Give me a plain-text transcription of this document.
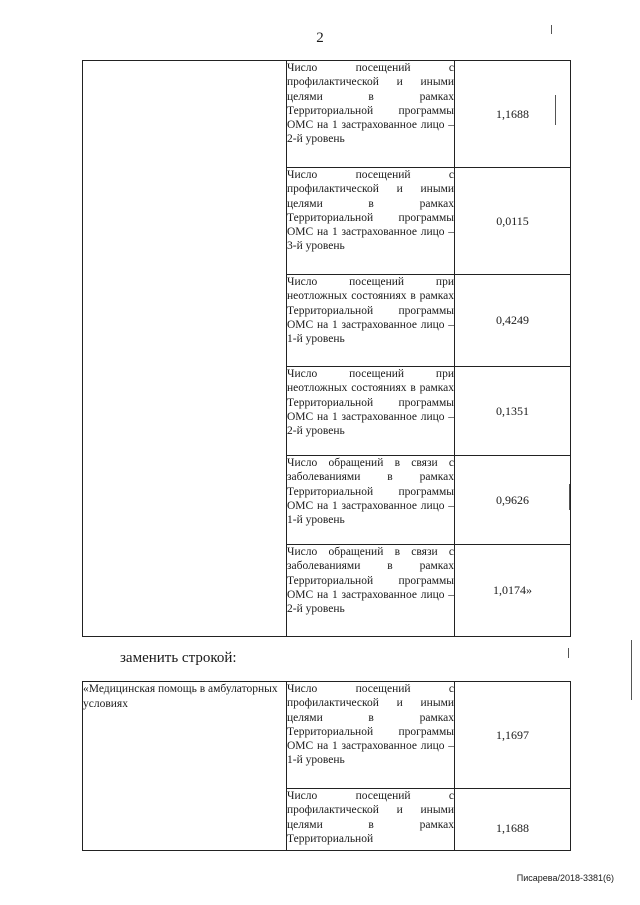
2
	Число посещений с профилактической и иными целями в рамках Территориальной программы ОМС на 1 застрахованное лицо – 2-й уровень	1,1688
	Число посещений с профилактической и иными целями в рамках Территориальной программы ОМС на 1 застрахованное лицо – 3-й уровень	0,0115
	Число посещений при неотложных состояниях в рамках Территориальной программы ОМС на 1 застрахованное лицо – 1-й уровень	0,4249
	Число посещений при неотложных состояниях в рамках Территориальной программы ОМС на 1 застрахованное лицо – 2-й уровень	0,1351
	Число обращений в связи с заболеваниями в рамках Территориальной программы ОМС на 1 застрахованное лицо – 1-й уровень	0,9626
	Число обращений в связи с заболеваниями в рамках Территориальной программы ОМС на 1 застрахованное лицо – 2-й уровень	1,0174»
заменить строкой:
«Медицинская помощь в амбулаторных условиях	Число посещений с профилактической и иными целями в рамках Территориальной программы ОМС на 1 застрахованное лицо – 1-й уровень	1,1697
	Число посещений с профилактической и иными целями в рамках Территориальной	1,1688
Писарева/2018-3381(6)
